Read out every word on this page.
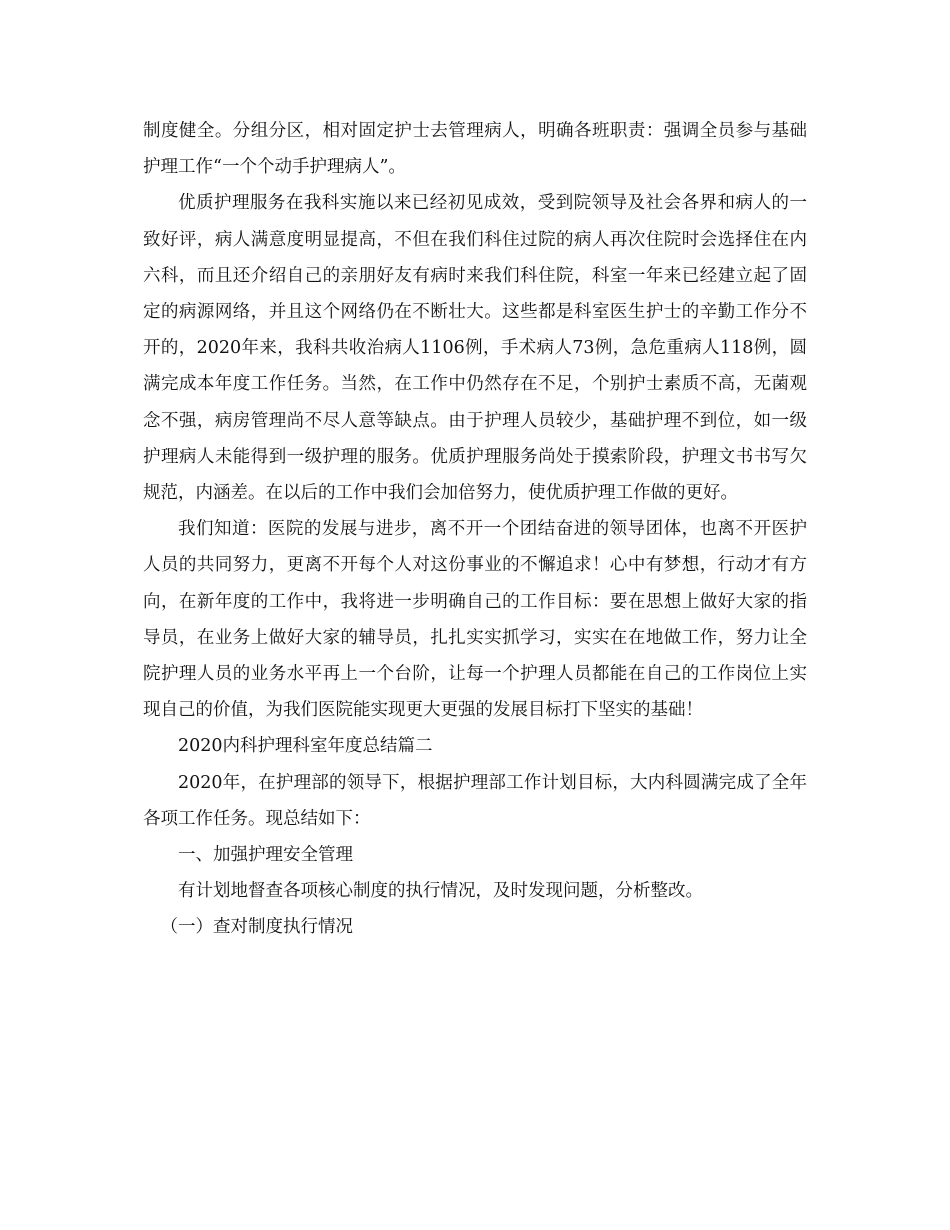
制度健全。分组分区，相对固定护士去管理病人，明确各班职责：强调全员参与基础护理工作“一个个动手护理病人”。

优质护理服务在我科实施以来已经初见成效，受到院领导及社会各界和病人的一致好评，病人满意度明显提高，不但在我们科住过院的病人再次住院时会选择住在内六科，而且还介绍自己的亲朋好友有病时来我们科住院，科室一年来已经建立起了固定的病源网络，并且这个网络仍在不断壮大。这些都是科室医生护士的辛勤工作分不开的，2020年来，我科共收治病人1106例，手术病人73例，急危重病人118例，圆满完成本年度工作任务。当然，在工作中仍然存在不足，个别护士素质不高，无菌观念不强，病房管理尚不尽人意等缺点。由于护理人员较少，基础护理不到位，如一级护理病人未能得到一级护理的服务。优质护理服务尚处于摸索阶段，护理文书书写欠规范，内涵差。在以后的工作中我们会加倍努力，使优质护理工作做的更好。

我们知道：医院的发展与进步，离不开一个团结奋进的领导团体，也离不开医护人员的共同努力，更离不开每个人对这份事业的不懈追求！心中有梦想，行动才有方向，在新年度的工作中，我将进一步明确自己的工作目标：要在思想上做好大家的指导员，在业务上做好大家的辅导员，扎扎实实抓学习，实实在在地做工作，努力让全院护理人员的业务水平再上一个台阶，让每一个护理人员都能在自己的工作岗位上实现自己的价值，为我们医院能实现更大更强的发展目标打下坚实的基础！

2020内科护理科室年度总结篇二

2020年，在护理部的领导下，根据护理部工作计划目标，大内科圆满完成了全年各项工作任务。现总结如下：

一、加强护理安全管理

有计划地督查各项核心制度的执行情况，及时发现问题，分析整改。

（一）查对制度执行情况
